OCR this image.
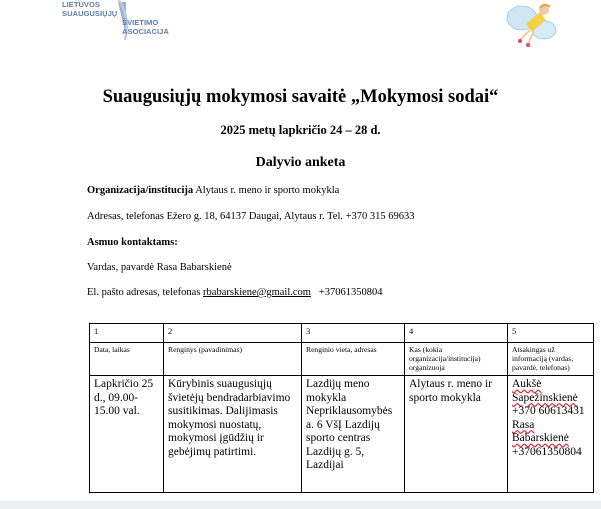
LIETUVOS
SUAUGUSIŲJŲ
ŠVIETIMO
ASOCIACIJA
Suaugusiųjų mokymosi savaitė „Mokymosi sodai“
2025 metų lapkričio 24 – 28 d.
Dalyvio anketa
Organizacija/institucija Alytaus r. meno ir sporto mokykla
Adresas, telefonas Ežero g. 18, 64137 Daugai, Alytaus r. Tel. +370 315 69633
Asmuo kontaktams:
Vardas, pavardė Rasa Babarskienė
El. pašto adresas, telefonas rbabarskiene@gmail.com +37061350804
1	2	3	4	5
Data, laikas	Renginys (pavadinimas)	Renginio vieta, adresas	Kas (kokia organizacija/institucija) organizuoja	Atsakingas už informaciją (vardas, pavardė, telefonas)
Lapkričio 25 d., 09.00-15.00 val.	Kūrybinis suaugusiųjų švietėjų bendradarbiavimo susitikimas. Dalijimasis mokymosi nuostatų, mokymosi įgūdžių ir gebėjimų patirtimi.	Lazdijų meno mokykla Nepriklausomybės a. 6 VšĮ Lazdijų sporto centras Lazdijų g. 5, Lazdijai	Alytaus r. meno ir sporto mokykla	Aukšė Sapežinskienė
+370 60613431
Rasa Babarskienė
+37061350804
